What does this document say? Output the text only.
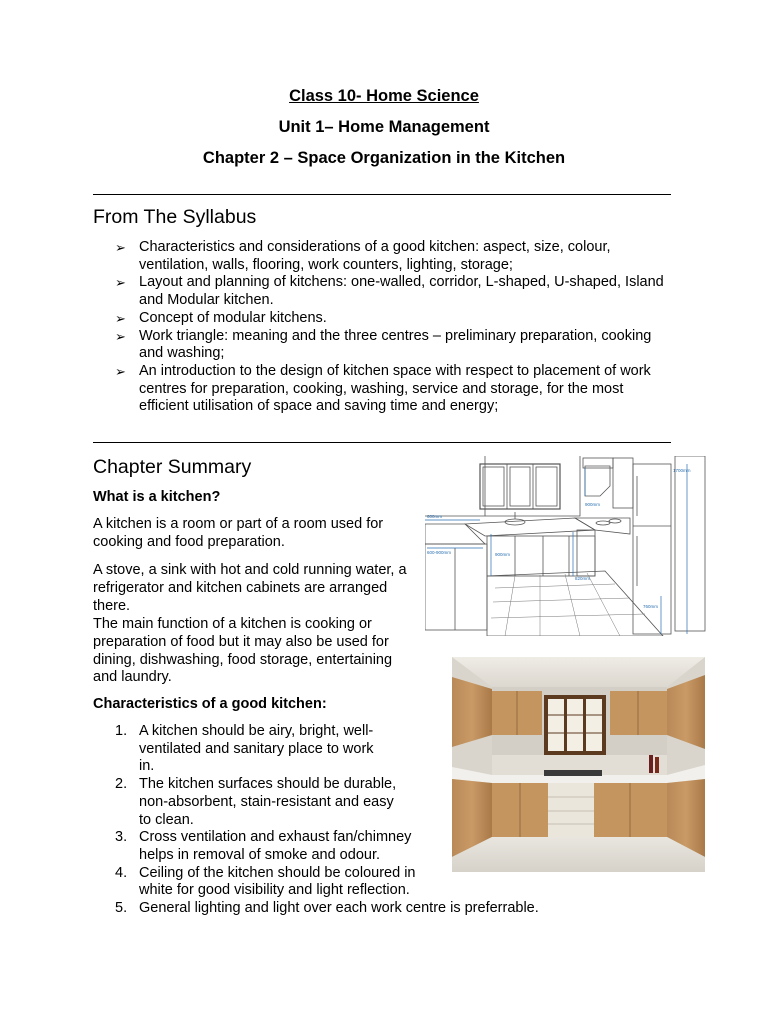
Class 10- Home Science
Unit 1– Home Management
Chapter 2 – Space Organization in the Kitchen
From The Syllabus
➢ Characteristics and considerations of a good kitchen: aspect, size, colour, ventilation, walls, flooring, work counters, lighting, storage;
➢ Layout and planning of kitchens: one-walled, corridor, L-shaped, U-shaped, Island and Modular kitchen.
➢ Concept of modular kitchens.
➢ Work triangle: meaning and the three centres – preliminary preparation, cooking and washing;
➢ An introduction to the design of kitchen space with respect to placement of work centres for preparation, cooking, washing, service and storage, for the most efficient utilisation of space and saving time and energy;
Chapter Summary
What is a kitchen?
A kitchen is a room or part of a room used for cooking and food preparation.
A stove, a sink with hot and cold running water, a refrigerator and kitchen cabinets are arranged there.
The main function of a kitchen is cooking or preparation of food but it may also be used for dining, dishwashing, food storage, entertaining and laundry.
Characteristics of a good kitchen:
1. A kitchen should be airy, bright, well-ventilated and sanitary place to work in.
2. The kitchen surfaces should be durable, non-absorbent, stain-resistant and easy to clean.
3. Cross ventilation and exhaust fan/chimney helps in removal of smoke and odour.
4. Ceiling of the kitchen should be coloured in white for good visibility and light reflection.
5. General lighting and light over each work centre is preferrable.
1700mm
900mm
600mm
600-900mm	900mm
820mm
760mm
